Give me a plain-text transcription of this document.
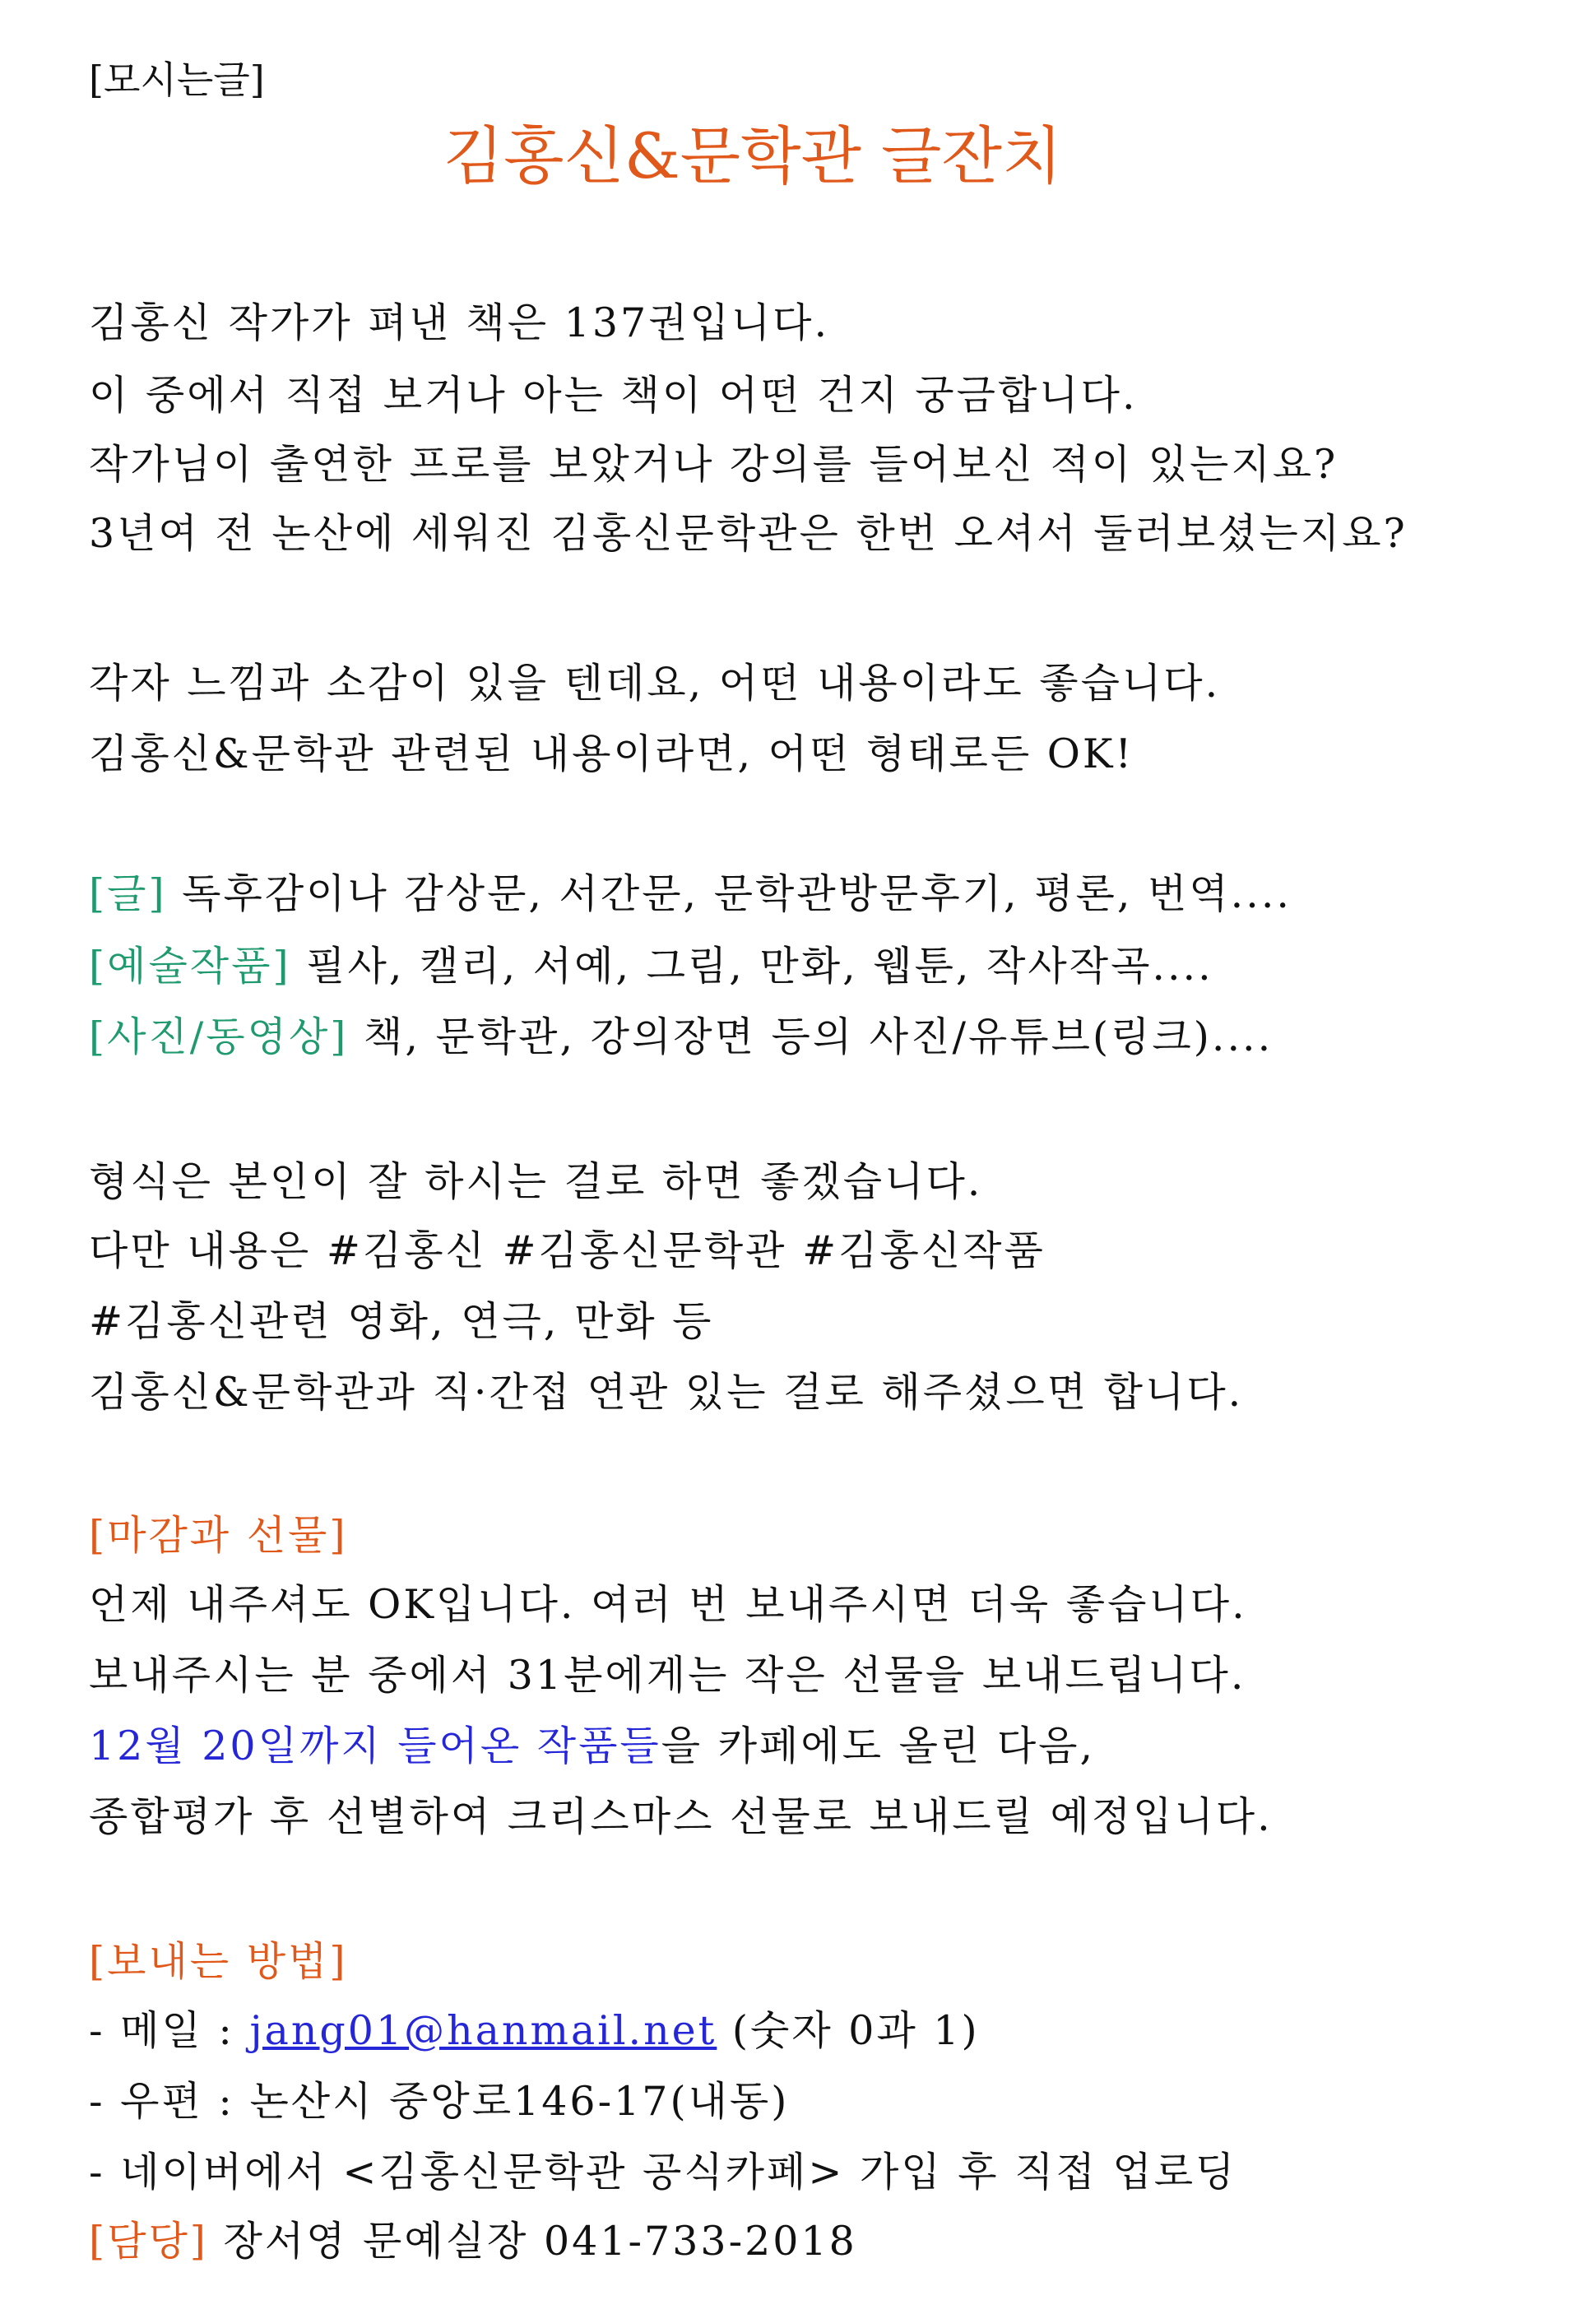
[모시는글]
김홍신&문학관 글잔치
김홍신 작가가 펴낸 책은 137권입니다.
이 중에서 직접 보거나 아는 책이 어떤 건지 궁금합니다.
작가님이 출연한 프로를 보았거나 강의를 들어보신 적이 있는지요?
3년여 전 논산에 세워진 김홍신문학관은 한번 오셔서 둘러보셨는지요?
각자 느낌과 소감이 있을 텐데요, 어떤 내용이라도 좋습니다.
김홍신&문학관 관련된 내용이라면, 어떤 형태로든 OK!
[글] 독후감이나 감상문, 서간문, 문학관방문후기, 평론, 번역....
[예술작품] 필사, 캘리, 서예, 그림, 만화, 웹툰, 작사작곡....
[사진/동영상] 책, 문학관, 강의장면 등의 사진/유튜브(링크)....
형식은 본인이 잘 하시는 걸로 하면 좋겠습니다.
다만 내용은 #김홍신 #김홍신문학관 #김홍신작품
#김홍신관련 영화, 연극, 만화 등
김홍신&문학관과 직·간접 연관 있는 걸로 해주셨으면 합니다.
[마감과 선물]
언제 내주셔도 OK입니다. 여러 번 보내주시면 더욱 좋습니다.
보내주시는 분 중에서 31분에게는 작은 선물을 보내드립니다.
12월 20일까지 들어온 작품들을 카페에도 올린 다음,
종합평가 후 선별하여 크리스마스 선물로 보내드릴 예정입니다.
[보내는 방법]
- 메일 : jang01@hanmail.net (숫자 0과 1)
- 우편 : 논산시 중앙로146-17(내동)
- 네이버에서 <김홍신문학관 공식카페> 가입 후 직접 업로딩
[담당] 장서영 문예실장 041-733-2018
